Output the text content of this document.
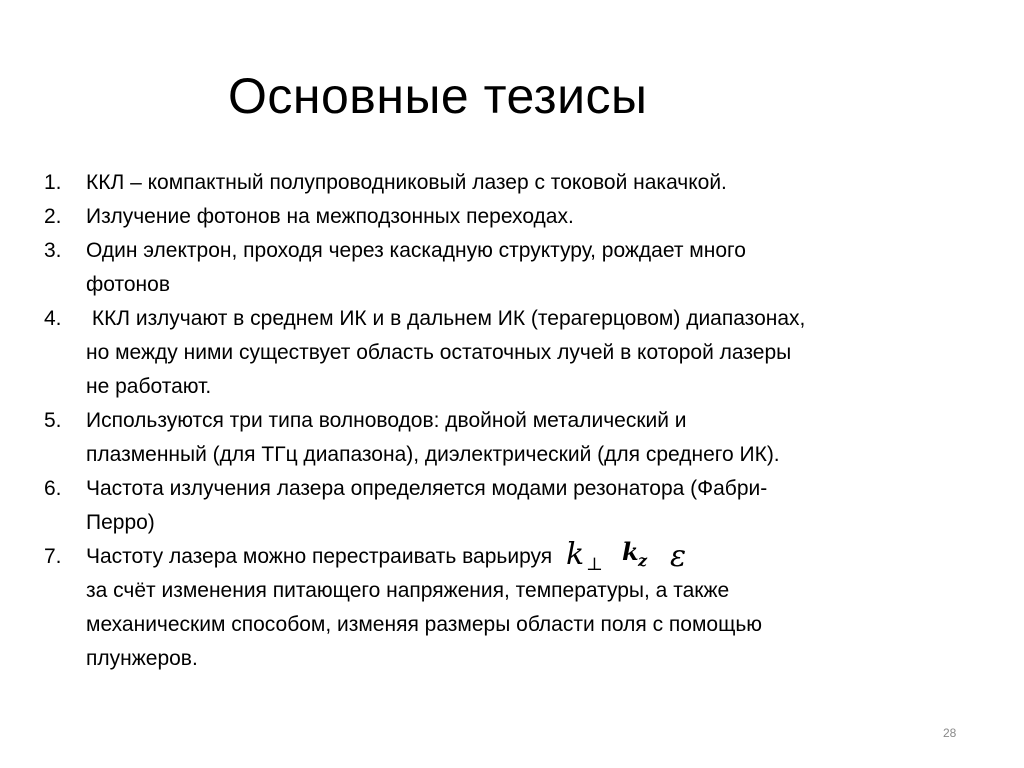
Основные тезисы
1.	ККЛ – компактный полупроводниковый лазер с токовой накачкой.
2.	Излучение фотонов на межподзонных переходах.
3.	Один электрон, проходя через каскадную структуру, рождает много
фотонов
4.	ККЛ излучают в среднем ИК и в дальнем ИК (терагерцовом) диапазонах,
но между ними существует область остаточных лучей в которой лазеры
не работают.
5.	Используются три типа волноводов: двойной металический и
плазменный (для ТГц диапазона), диэлектрический (для среднего ИК).
6.	Частота излучения лазера определяется модами резонатора (Фабри-
Перро)
7.	Частоту лазера можно перестраивать варьируя k ⊥ k z ε
за счёт изменения питающего напряжения, температуры, а также
механическим способом, изменяя размеры области поля с помощью
плунжеров.
28
